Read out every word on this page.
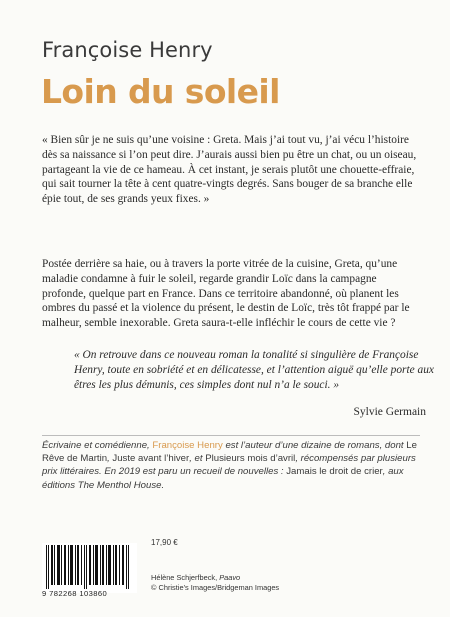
Françoise Henry
Loin du soleil
« Bien sûr je ne suis qu’une voisine : Greta. Mais j’ai tout vu, j’ai vécu l’histoire dès sa naissance si l’on peut dire. J’aurais aussi bien pu être un chat, ou un oiseau, partageant la vie de ce hameau. À cet instant, je serais plutôt une chouette-effraie, qui sait tourner la tête à cent quatre-vingts degrés. Sans bouger de sa branche elle épie tout, de ses grands yeux fixes. »
Postée derrière sa haie, ou à travers la porte vitrée de la cuisine, Greta, qu’une maladie condamne à fuir le soleil, regarde grandir Loïc dans la campagne profonde, quelque part en France. Dans ce territoire abandonné, où planent les ombres du passé et la violence du présent, le destin de Loïc, très tôt frappé par le malheur, semble inexorable. Greta saura-t-elle infléchir le cours de cette vie ?
« On retrouve dans ce nouveau roman la tonalité si singulière de Françoise Henry, toute en sobriété et en délicatesse, et l’attention aiguë qu’elle porte aux êtres les plus démunis, ces simples dont nul n’a le souci. »
Sylvie Germain
Écrivaine et comédienne, Françoise Henry est l’auteur d’une dizaine de romans, dont Le Rêve de Martin, Juste avant l’hiver, et Plusieurs mois d’avril, récompensés par plusieurs prix littéraires. En 2019 est paru un recueil de nouvelles : Jamais le droit de crier, aux éditions The Menthol House.
17,90 €
9 782268 103860
Hélène Schjerfbeck, Paavo
© Christie’s Images/Bridgeman Images
